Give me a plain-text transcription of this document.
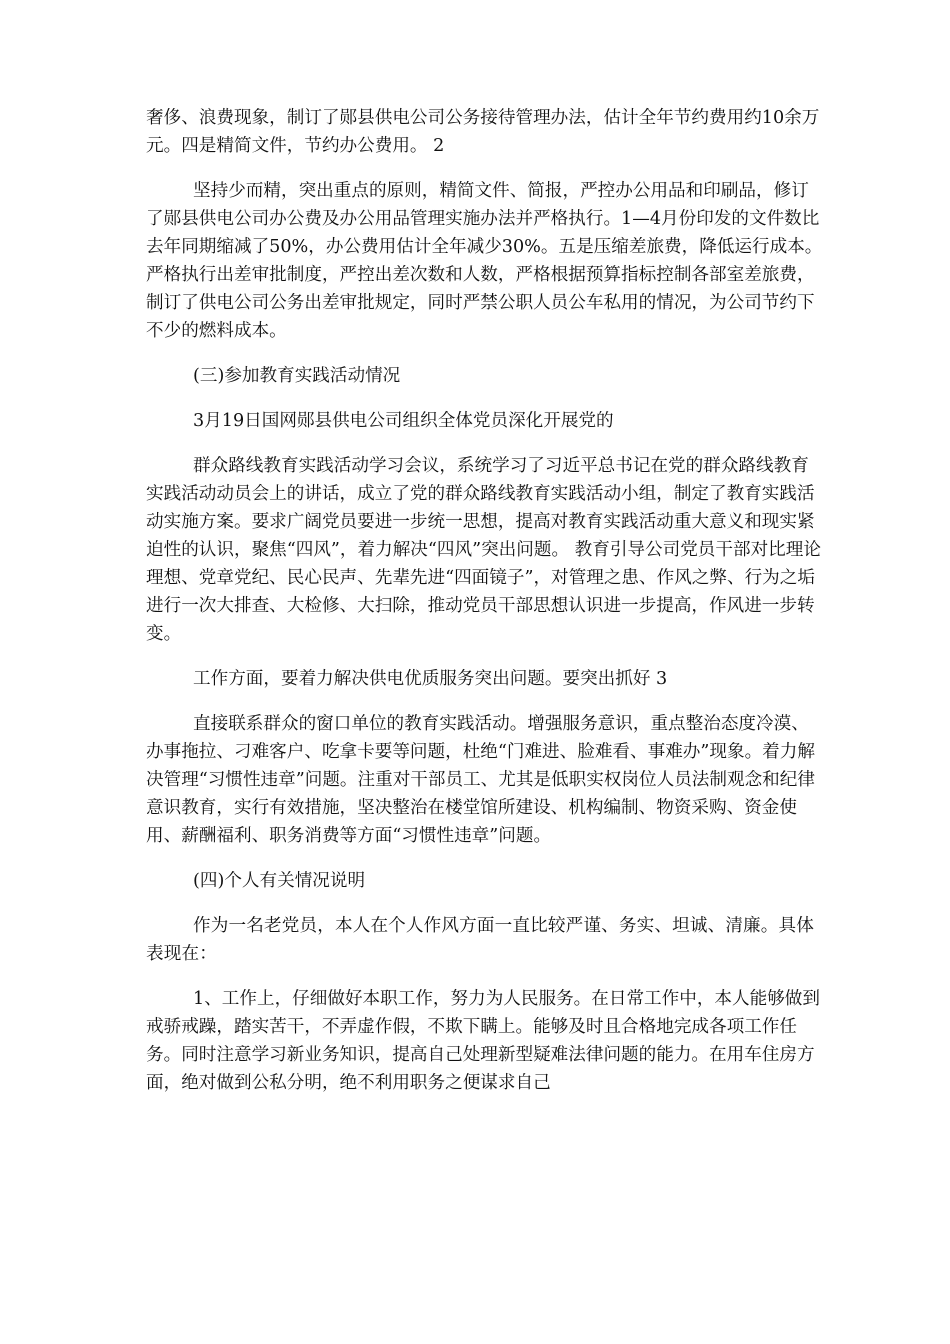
奢侈、浪费现象，制订了郧县供电公司公务接待管理办法，估计全年节约费用约10余万元。四是精简文件，节约办公费用。 2

坚持少而精，突出重点的原则，精简文件、简报，严控办公用品和印刷品，修订了郧县供电公司办公费及办公用品管理实施办法并严格执行。1—4月份印发的文件数比去年同期缩减了50%，办公费用估计全年减少30%。五是压缩差旅费，降低运行成本。严格执行出差审批制度，严控出差次数和人数，严格根据预算指标控制各部室差旅费，制订了供电公司公务出差审批规定，同时严禁公职人员公车私用的情况，为公司节约下不少的燃料成本。

(三)参加教育实践活动情况

3月19日国网郧县供电公司组织全体党员深化开展党的

群众路线教育实践活动学习会议，系统学习了习近平总书记在党的群众路线教育实践活动动员会上的讲话，成立了党的群众路线教育实践活动小组，制定了教育实践活动实施方案。要求广阔党员要进一步统一思想，提高对教育实践活动重大意义和现实紧迫性的认识，聚焦“四风”，着力解决“四风”突出问题。 教育引导公司党员干部对比理论理想、党章党纪、民心民声、先辈先进“四面镜子”，对管理之患、作风之弊、行为之垢进行一次大排查、大检修、大扫除，推动党员干部思想认识进一步提高，作风进一步转变。

工作方面，要着力解决供电优质服务突出问题。要突出抓好 3

直接联系群众的窗口单位的教育实践活动。增强服务意识，重点整治态度冷漠、办事拖拉、刁难客户、吃拿卡要等问题，杜绝“门难进、脸难看、事难办”现象。着力解决管理“习惯性违章”问题。注重对干部员工、尤其是低职实权岗位人员法制观念和纪律意识教育，实行有效措施，坚决整治在楼堂馆所建设、机构编制、物资采购、资金使用、薪酬福利、职务消费等方面“习惯性违章”问题。

(四)个人有关情况说明

作为一名老党员，本人在个人作风方面一直比较严谨、务实、坦诚、清廉。具体表现在：

1、工作上，仔细做好本职工作，努力为人民服务。在日常工作中，本人能够做到戒骄戒躁，踏实苦干，不弄虚作假，不欺下瞒上。能够及时且合格地完成各项工作任务。同时注意学习新业务知识，提高自己处理新型疑难法律问题的能力。在用车住房方面，绝对做到公私分明，绝不利用职务之便谋求自己
